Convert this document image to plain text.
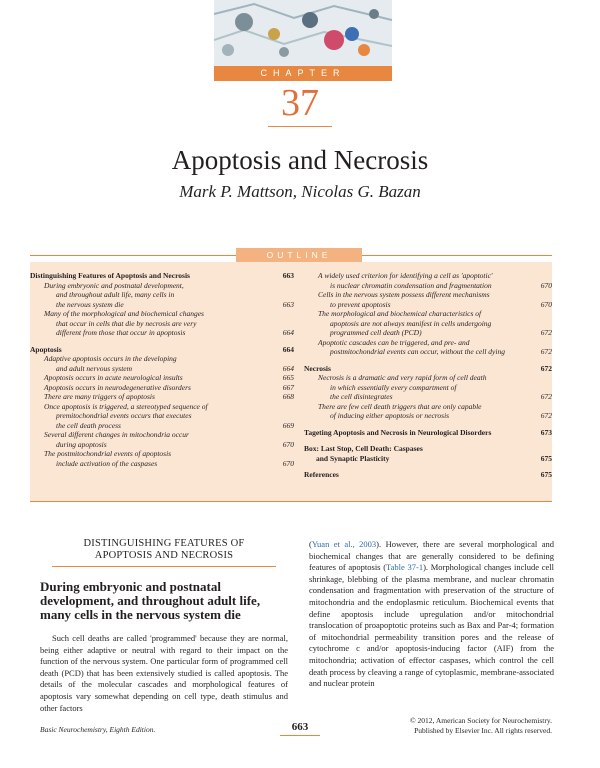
CHAPTER
37
Apoptosis and Necrosis
Mark P. Mattson, Nicolas G. Bazan
OUTLINE
Distinguishing Features of Apoptosis and Necrosis	663
During embryonic and postnatal development,
and throughout adult life, many cells in
the nervous system die	663
Many of the morphological and biochemical changes
that occur in cells that die by necrosis are very
different from those that occur in apoptosis	664
Apoptosis	664
Adaptive apoptosis occurs in the developing
and adult nervous system	664
Apoptosis occurs in acute neurological insults	665
Apoptosis occurs in neurodegenerative disorders	667
There are many triggers of apoptosis	668
Once apoptosis is triggered, a stereotyped sequence of
premitochondrial events occurs that executes
the cell death process	669
Several different changes in mitochondria occur
during apoptosis	670
The postmitochondrial events of apoptosis
include activation of the caspases	670
A widely used criterion for identifying a cell as 'apoptotic'
is nuclear chromatin condensation and fragmentation	670
Cells in the nervous system possess different mechanisms
to prevent apoptosis	670
The morphological and biochemical characteristics of
apoptosis are not always manifest in cells undergoing
programmed cell death (PCD)	672
Apoptotic cascades can be triggered, and pre- and
postmitochondrial events can occur, without the cell dying	672
Necrosis	672
Necrosis is a dramatic and very rapid form of cell death
in which essentially every compartment of
the cell disintegrates	672
There are few cell death triggers that are only capable
of inducing either apoptosis or necrosis	672
Tageting Apoptosis and Necrosis in Neurological Disorders	673
Box: Last Stop, Cell Death: Caspases
and Synaptic Plasticity	675
References	675
DISTINGUISHING FEATURES OF
APOPTOSIS AND NECROSIS
During embryonic and postnatal development, and throughout adult life, many cells in the nervous system die
Such cell deaths are called 'programmed' because they are normal, being either adaptive or neutral with regard to their impact on the function of the nervous system. One particular form of programmed cell death (PCD) that has been extensively studied is called apoptosis. The details of the molecular cascades and morphological features of apoptosis vary somewhat depending on cell type, death stimulus and other factors
(Yuan et al., 2003). However, there are several morphological and biochemical changes that are generally considered to be defining features of apoptosis (Table 37-1). Morphological changes include cell shrinkage, blebbing of the plasma membrane, and nuclear chromatin condensation and fragmentation with preservation of the structure of mitochondria and the endoplasmic reticulum. Biochemical events that define apoptosis include upregulation and/or mitochondrial translocation of proapoptotic proteins such as Bax and Par-4; formation of mitochondrial permeability transition pores and the release of cytochrome c and/or apoptosis-inducing factor (AIF) from the mitochondria; activation of effector caspases, which control the cell death process by cleaving a range of cytoplasmic, membrane-associated and nuclear protein
Basic Neurochemistry, Eighth Edition.	663
© 2012, American Society for Neurochemistry.
Published by Elsevier Inc. All rights reserved.
